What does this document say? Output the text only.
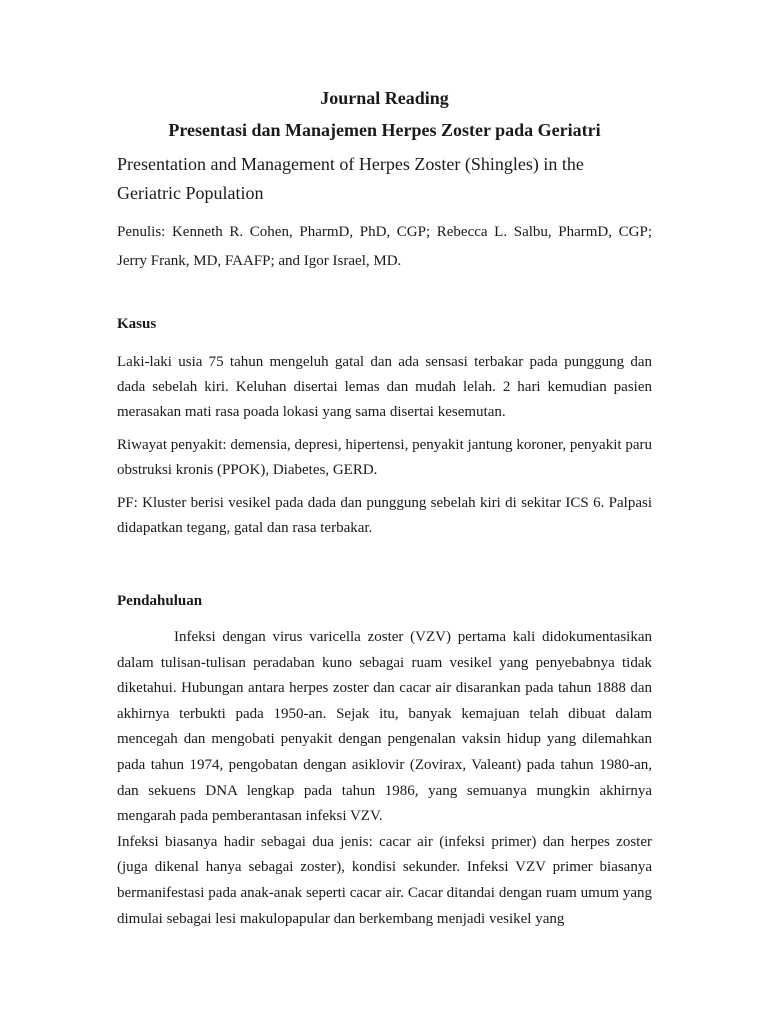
Journal Reading
Presentasi dan Manajemen Herpes Zoster pada Geriatri
Presentation and Management of Herpes Zoster (Shingles) in the Geriatric Population

Penulis: Kenneth R. Cohen, PharmD, PhD, CGP; Rebecca L. Salbu, PharmD, CGP; Jerry Frank, MD, FAAFP; and Igor Israel, MD.

Kasus

Laki-laki usia 75 tahun mengeluh gatal dan ada sensasi terbakar pada punggung dan dada sebelah kiri. Keluhan disertai lemas dan mudah lelah. 2 hari kemudian pasien merasakan mati rasa poada lokasi yang sama disertai kesemutan.

Riwayat penyakit: demensia, depresi, hipertensi, penyakit jantung koroner, penyakit paru obstruksi kronis (PPOK), Diabetes, GERD.

PF: Kluster berisi vesikel pada dada dan punggung sebelah kiri di sekitar ICS 6. Palpasi didapatkan tegang, gatal dan rasa terbakar.

Pendahuluan

Infeksi dengan virus varicella zoster (VZV) pertama kali didokumentasikan dalam tulisan-tulisan peradaban kuno sebagai ruam vesikel yang penyebabnya tidak diketahui. Hubungan antara herpes zoster dan cacar air disarankan pada tahun 1888 dan akhirnya terbukti pada 1950-an. Sejak itu, banyak kemajuan telah dibuat dalam mencegah dan mengobati penyakit dengan pengenalan vaksin hidup yang dilemahkan pada tahun 1974, pengobatan dengan asiklovir (Zovirax, Valeant) pada tahun 1980-an, dan sekuens DNA lengkap pada tahun 1986, yang semuanya mungkin akhirnya mengarah pada pemberantasan infeksi VZV.

Infeksi biasanya hadir sebagai dua jenis: cacar air (infeksi primer) dan herpes zoster (juga dikenal hanya sebagai zoster), kondisi sekunder. Infeksi VZV primer biasanya bermanifestasi pada anak-anak seperti cacar air. Cacar ditandai dengan ruam umum yang dimulai sebagai lesi makulopapular dan berkembang menjadi vesikel yang
